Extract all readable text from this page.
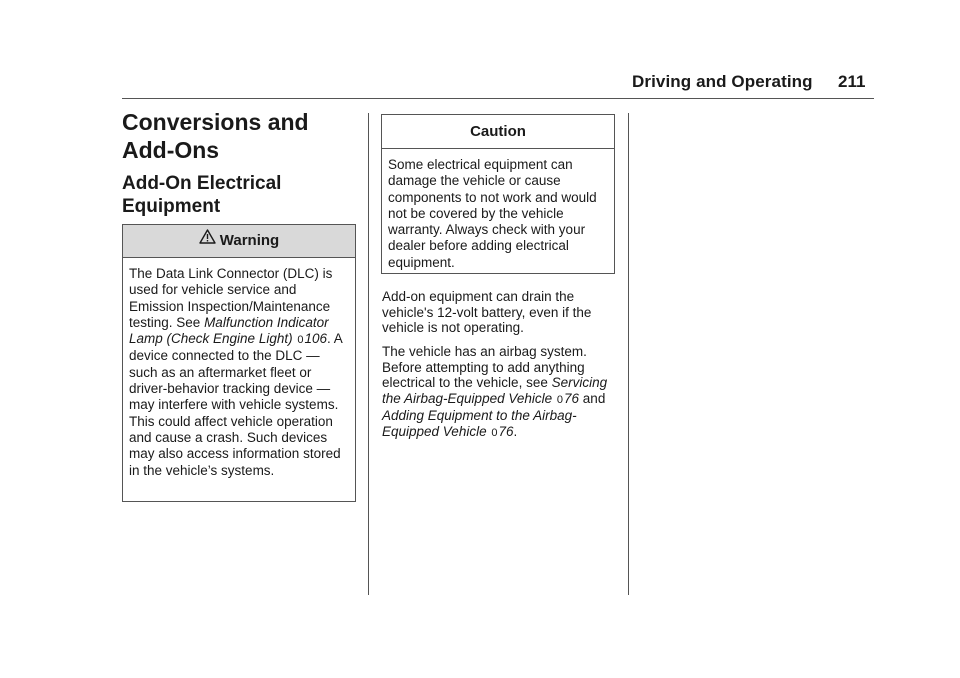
Driving and Operating 211
Conversions and
Add-Ons
Add-On Electrical
Equipment
Warning
The Data Link Connector (DLC) is used for vehicle service and Emission Inspection/Maintenance testing. See Malfunction Indicator Lamp (Check Engine Light) 0106. A device connected to the DLC — such as an aftermarket fleet or driver-behavior tracking device — may interfere with vehicle systems. This could affect vehicle operation and cause a crash. Such devices may also access information stored in the vehicle’s systems.
Caution
Some electrical equipment can damage the vehicle or cause components to not work and would not be covered by the vehicle warranty. Always check with your dealer before adding electrical equipment.
Add-on equipment can drain the vehicle's 12-volt battery, even if the vehicle is not operating.
The vehicle has an airbag system. Before attempting to add anything electrical to the vehicle, see Servicing the Airbag-Equipped Vehicle 076 and Adding Equipment to the Airbag-Equipped Vehicle 076.
